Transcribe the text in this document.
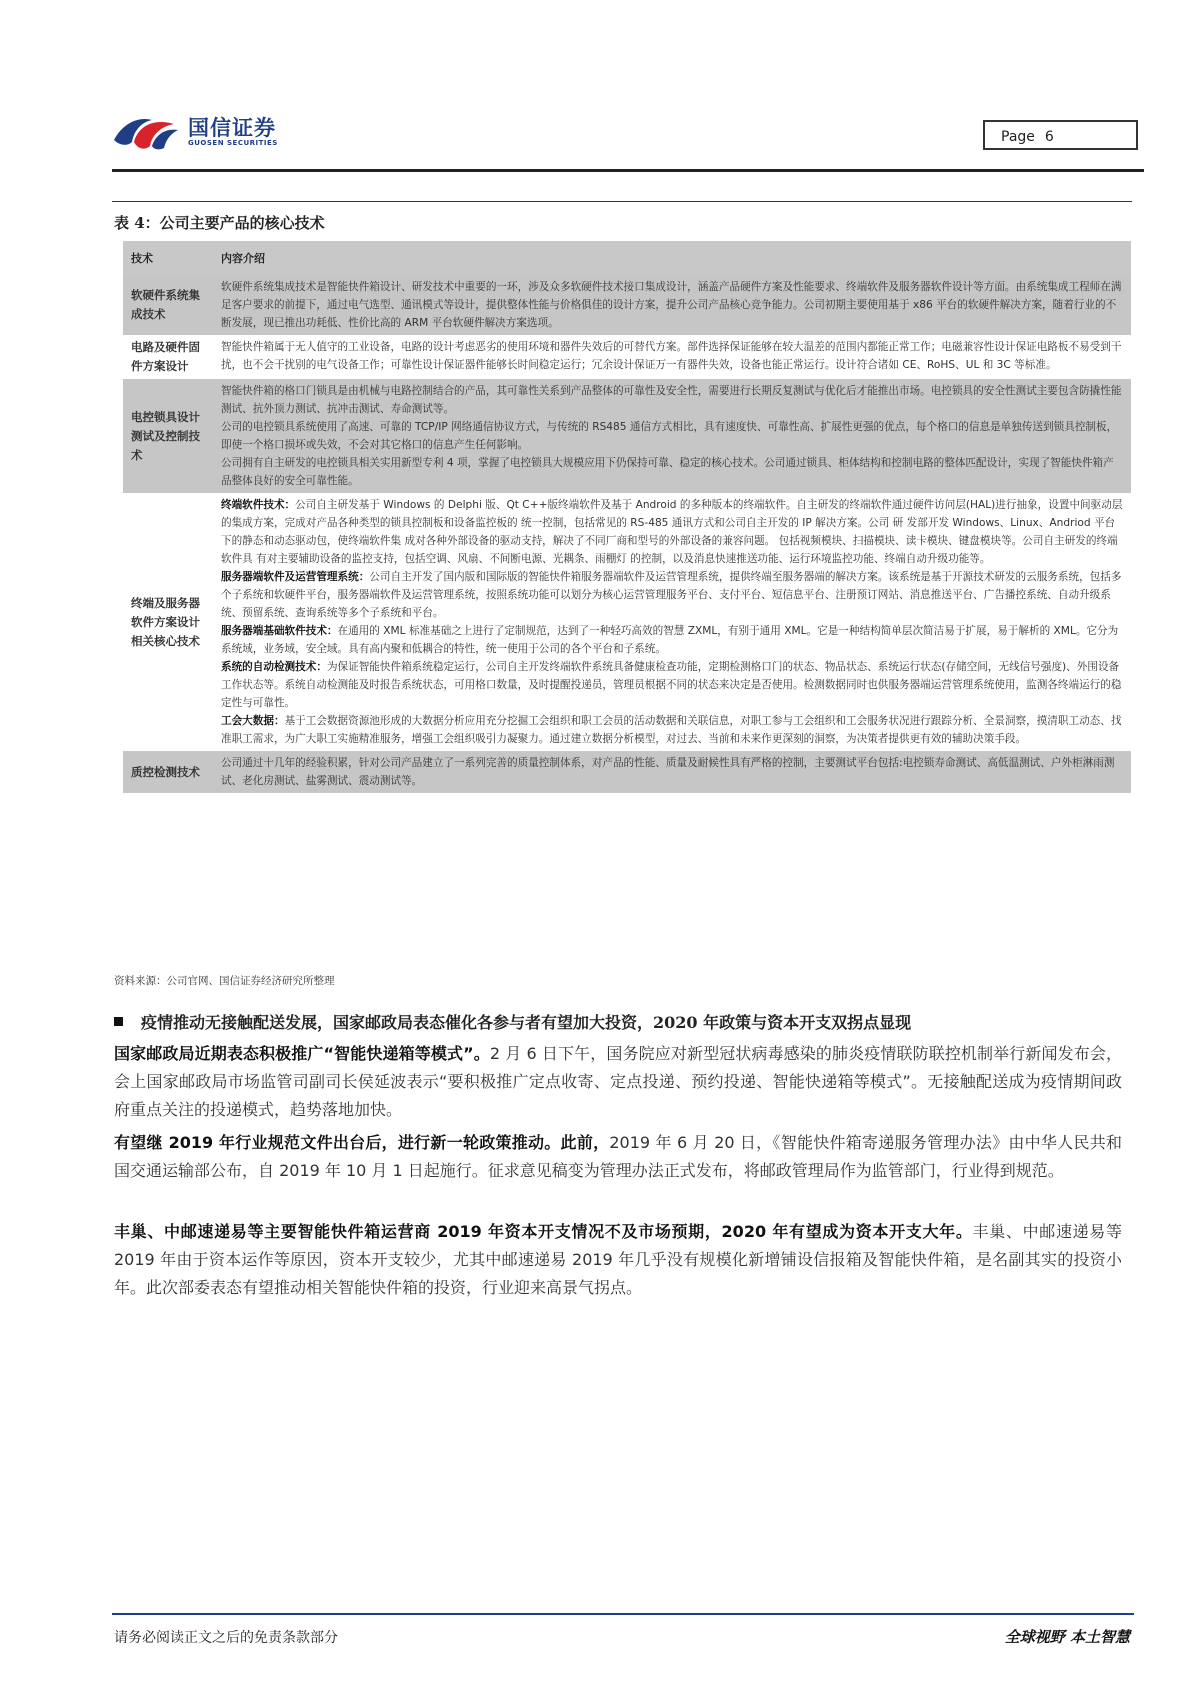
国信证券
GUOSEN SECURITIES	Page 6
表 4：公司主要产品的核心技术
技术	内容介绍
软硬件系统集成技术	软硬件系统集成技术是智能快件箱设计、研发技术中重要的一环，涉及众多软硬件技术接口集成设计，涵盖产品硬件方案及性能要求、终端软件及服务器软件设计等方面。由系统集成工程师在满足客户要求的前提下，通过电气选型、通讯模式等设计，提供整体性能与价格俱佳的设计方案，提升公司产品核心竞争能力。公司初期主要使用基于 x86 平台的软硬件解决方案，随着行业的不断发展，现已推出功耗低、性价比高的 ARM 平台软硬件解决方案选项。
电路及硬件固件方案设计	智能快件箱属于无人值守的工业设备，电路的设计考虑恶劣的使用环境和器件失效后的可替代方案。部件选择保证能够在较大温差的范围内都能正常工作；电磁兼容性设计保证电路板不易受到干扰，也不会干扰别的电气设备工作；可靠性设计保证器件能够长时间稳定运行；冗余设计保证万一有器件失效，设备也能正常运行。设计符合诸如 CE、RoHS、UL 和 3C 等标准。
电控锁具设计测试及控制技术	智能快件箱的格口门锁具是由机械与电路控制结合的产品，其可靠性关系到产品整体的可靠性及安全性，需要进行长期反复测试与优化后才能推出市场。电控锁具的安全性测试主要包含防撬性能测试、抗外顶力测试、抗冲击测试、寿命测试等。

公司的电控锁具系统使用了高速、可靠的 TCP/IP 网络通信协议方式，与传统的 RS485 通信方式相比，具有速度快、可靠性高、扩展性更强的优点，每个格口的信息是单独传送到锁具控制板，即使一个格口损坏或失效，不会对其它格口的信息产生任何影响。

公司拥有自主研发的电控锁具相关实用新型专利 4 项，掌握了电控锁具大规模应用下仍保持可靠、稳定的核心技术。公司通过锁具、柜体结构和控制电路的整体匹配设计，实现了智能快件箱产品整体良好的安全可靠性能。

终端及服务器软件方案设计相关核心技术	终端软件技术：公司自主研发基于 Windows 的 Delphi 版、Qt C++版终端软件及基于 Android 的多种版本的终端软件。自主研发的终端软件通过硬件访问层(HAL)进行抽象，设置中间驱动层的集成方案，完成对产品各种类型的锁具控制板和设备监控板的 统一控制，包括常见的 RS-485 通讯方式和公司自主开发的 IP 解决方案。公司 研 发部开发 Windows、Linux、Andriod 平台下的静态和动态驱动包，使终端软件集 成对各种外部设备的驱动支持，解决了不同厂商和型号的外部设备的兼容问题。 包括视频模块、扫描模块、读卡模块、键盘模块等。公司自主研发的终端软件具 有对主要辅助设备的监控支持，包括空调、风扇、不间断电源、光耦条、雨棚灯 的控制，以及消息快速推送功能、运行环境监控功能、终端自动升级功能等。

服务器端软件及运营管理系统：公司自主开发了国内版和国际版的智能快件箱服务器端软件及运营管理系统，提供终端至服务器端的解决方案。该系统是基于开源技术研发的云服务系统，包括多个子系统和软硬件平台，服务器端软件及运营管理系统，按照系统功能可以划分为核心运营管理服务平台、支付平台、短信息平台、注册预订网站、消息推送平台、广告播控系统、自动升级系统、预留系统、查询系统等多个子系统和平台。

服务器端基础软件技术：在通用的 XML 标准基础之上进行了定制规范，达到了一种轻巧高效的智慧 ZXML，有别于通用 XML。它是一种结构简单层次简洁易于扩展，易于解析的 XML。它分为系统域，业务域，安全域。具有高内聚和低耦合的特性，统一使用于公司的各个平台和子系统。

系统的自动检测技术：为保证智能快件箱系统稳定运行，公司自主开发终端软件系统具备健康检查功能，定期检测格口门的状态、物品状态、系统运行状态(存储空间，无线信号强度)、外围设备工作状态等。系统自动检测能及时报告系统状态，可用格口数量，及时提醒投递员，管理员根据不同的状态来决定是否使用。检测数据同时也供服务器端运营管理系统使用，监测各终端运行的稳定性与可靠性。

工会大数据：基于工会数据资源池形成的大数据分析应用充分挖掘工会组织和职工会员的活动数据和关联信息，对职工参与工会组织和工会服务状况进行跟踪分析、全景洞察，摸清职工动态、找准职工需求，为广大职工实施精准服务，增强工会组织吸引力凝聚力。通过建立数据分析模型，对过去、当前和未来作更深刻的洞察，为决策者提供更有效的辅助决策手段。

质控检测技术	公司通过十几年的经验积累，针对公司产品建立了一系列完善的质量控制体系，对产品的性能、质量及耐候性具有严格的控制，主要测试平台包括:电控锁寿命测试、高低温测试、户外柜淋雨测试、老化房测试、盐雾测试、震动测试等。
资料来源：公司官网、国信证券经济研究所整理
疫情推动无接触配送发展，国家邮政局表态催化各参与者有望加大投资，2020 年政策与资本开支双拐点显现
国家邮政局近期表态积极推广“智能快递箱等模式”。2 月 6 日下午，国务院应对新型冠状病毒感染的肺炎疫情联防联控机制举行新闻发布会，会上国家邮政局市场监管司副司长侯延波表示“要积极推广定点收寄、定点投递、预约投递、智能快递箱等模式”。无接触配送成为疫情期间政府重点关注的投递模式，趋势落地加快。
有望继 2019 年行业规范文件出台后，进行新一轮政策推动。此前，2019 年 6 月 20 日，《智能快件箱寄递服务管理办法》由中华人民共和国交通运输部公布，自 2019 年 10 月 1 日起施行。征求意见稿变为管理办法正式发布，将邮政管理局作为监管部门，行业得到规范。
丰巢、中邮速递易等主要智能快件箱运营商 2019 年资本开支情况不及市场预期，2020 年有望成为资本开支大年。丰巢、中邮速递易等 2019 年由于资本运作等原因，资本开支较少，尤其中邮速递易 2019 年几乎没有规模化新增铺设信报箱及智能快件箱，是名副其实的投资小年。此次部委表态有望推动相关智能快件箱的投资，行业迎来高景气拐点。
请务必阅读正文之后的免责条款部分	全球视野 本土智慧
